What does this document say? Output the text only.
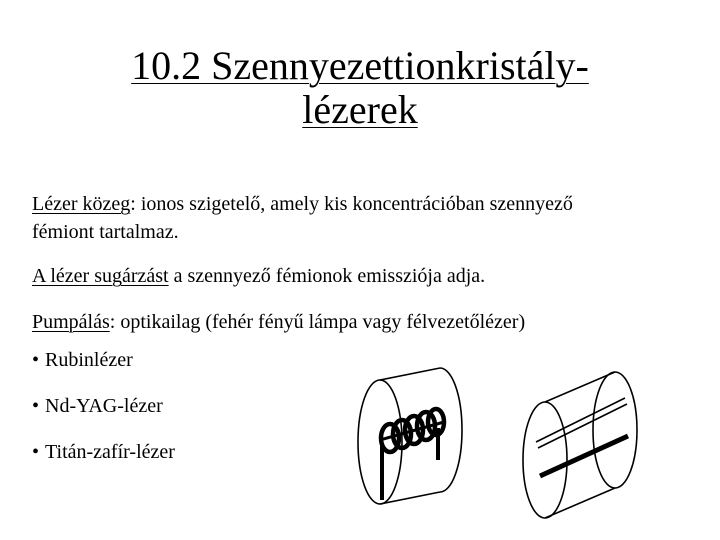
10.2 Szennyezettionkristály-
lézerek
Lézer közeg: ionos szigetelő, amely kis koncentrációban szennyező
fémiont tartalmaz.
A lézer sugárzást a szennyező fémionok emissziója adja.
Pumpálás: optikailag (fehér fényű lámpa vagy félvezetőlézer)
• Rubinlézer
• Nd-YAG-lézer
• Titán-zafír-lézer
